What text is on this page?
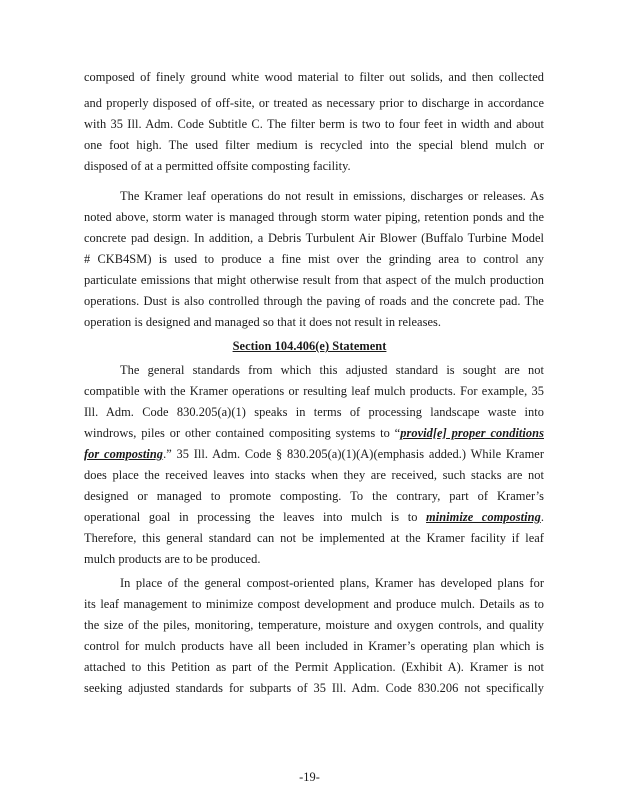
composed of finely ground white wood material to filter out solids, and then collected
and properly disposed of off-site, or treated as necessary prior to discharge in accordance
with 35 Ill. Adm. Code Subtitle C. The filter berm is two to four feet in width and about
one foot high. The used filter medium is recycled into the special blend mulch or
disposed of at a permitted offsite composting facility.
The Kramer leaf operations do not result in emissions, discharges or releases. As
noted above, storm water is managed through storm water piping, retention ponds and the
concrete pad design. In addition, a Debris Turbulent Air Blower (Buffalo Turbine Model
# CKB4SM) is used to produce a fine mist over the grinding area to control any
particulate emissions that might otherwise result from that aspect of the mulch production
operations. Dust is also controlled through the paving of roads and the concrete pad. The
operation is designed and managed so that it does not result in releases.
Section 104.406(e) Statement
The general standards from which this adjusted standard is sought are not
compatible with the Kramer operations or resulting leaf mulch products. For example, 35
Ill. Adm. Code 830.205(a)(1) speaks in terms of processing landscape waste into
windrows, piles or other contained compositing systems to “provid[e] proper conditions
for composting.” 35 Ill. Adm. Code § 830.205(a)(1)(A)(emphasis added.) While Kramer
does place the received leaves into stacks when they are received, such stacks are not
designed or managed to promote composting. To the contrary, part of Kramer’s
operational goal in processing the leaves into mulch is to minimize composting.
Therefore, this general standard can not be implemented at the Kramer facility if leaf
mulch products are to be produced.
In place of the general compost-oriented plans, Kramer has developed plans for
its leaf management to minimize compost development and produce mulch. Details as to
the size of the piles, monitoring, temperature, moisture and oxygen controls, and quality
control for mulch products have all been included in Kramer’s operating plan which is
attached to this Petition as part of the Permit Application. (Exhibit A). Kramer is not
seeking adjusted standards for subparts of 35 Ill. Adm. Code 830.206 not specifically
-19-
